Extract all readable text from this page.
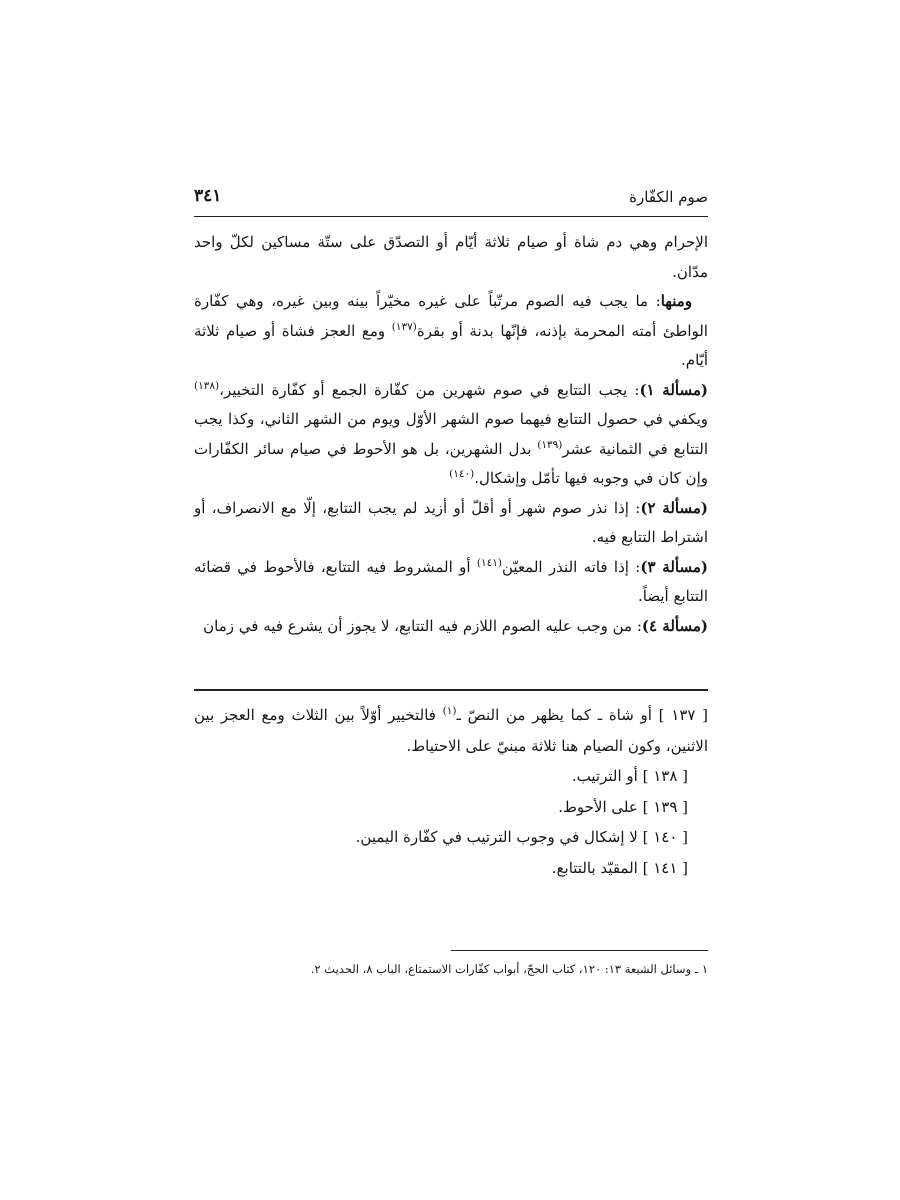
صوم الكفّارة
٣٤١

الإحرام وهي دم شاة أو صيام ثلاثة أيّام أو التصدّق على ستّة مساكين لكلّ واحد مدّان.

ومنها: ما يجب فيه الصوم مرتّباً على غيره مخيّراً بينه وبين غيره، وهي كفّارة الواطئ أمته المحرمة بإذنه، فإنّها بدنة أو بقرة$^{(١٣٧)}$ ومع العجز فشاة أو صيام ثلاثة أيّام.

(مسألة ١): يجب التتابع في صوم شهرين من كفّارة الجمع أو كفّارة التخيير،$^{(١٣٨)}$ ويكفي في حصول التتابع فيهما صوم الشهر الأوّل ويوم من الشهر الثاني، وكذا يجب التتابع في الثمانية عشر$^{(١٣٩)}$ بدل الشهرين، بل هو الأحوط في صيام سائر الكفّارات وإن كان في وجوبه فيها تأمّل وإشكال.$^{(١٤٠)}$

(مسألة ٢): إذا نذر صوم شهر أو أقلّ أو أزيد لم يجب التتابع، إلّا مع الانصراف، أو اشتراط التتابع فيه.

(مسألة ٣): إذا فاته النذر المعيّن$^{(١٤١)}$ أو المشروط فيه التتابع، فالأحوط في قضائه التتابع أيضاً.

(مسألة ٤): من وجب عليه الصوم اللازم فيه التتابع، لا يجوز أن يشرع فيه في زمان

[ ١٣٧ ] أو شاة ـ كما يظهر من النصّ ـ$^{(١)}$ فالتخيير أوّلاً بين الثلاث ومع العجز بين الاثنين، وكون الصيام هنا ثلاثة مبنيّ على الاحتياط.

[ ١٣٨ ] أو الترتيب.

[ ١٣٩ ] على الأحوط.

[ ١٤٠ ] لا إشكال في وجوب الترتيب في كفّارة اليمين.

[ ١٤١ ] المقيّد بالتتابع.

١ ـ وسائل الشيعة ١٣: ١٢٠، كتاب الحجّ، أبواب كفّارات الاستمتاع، الباب ٨، الحديث ٢.
